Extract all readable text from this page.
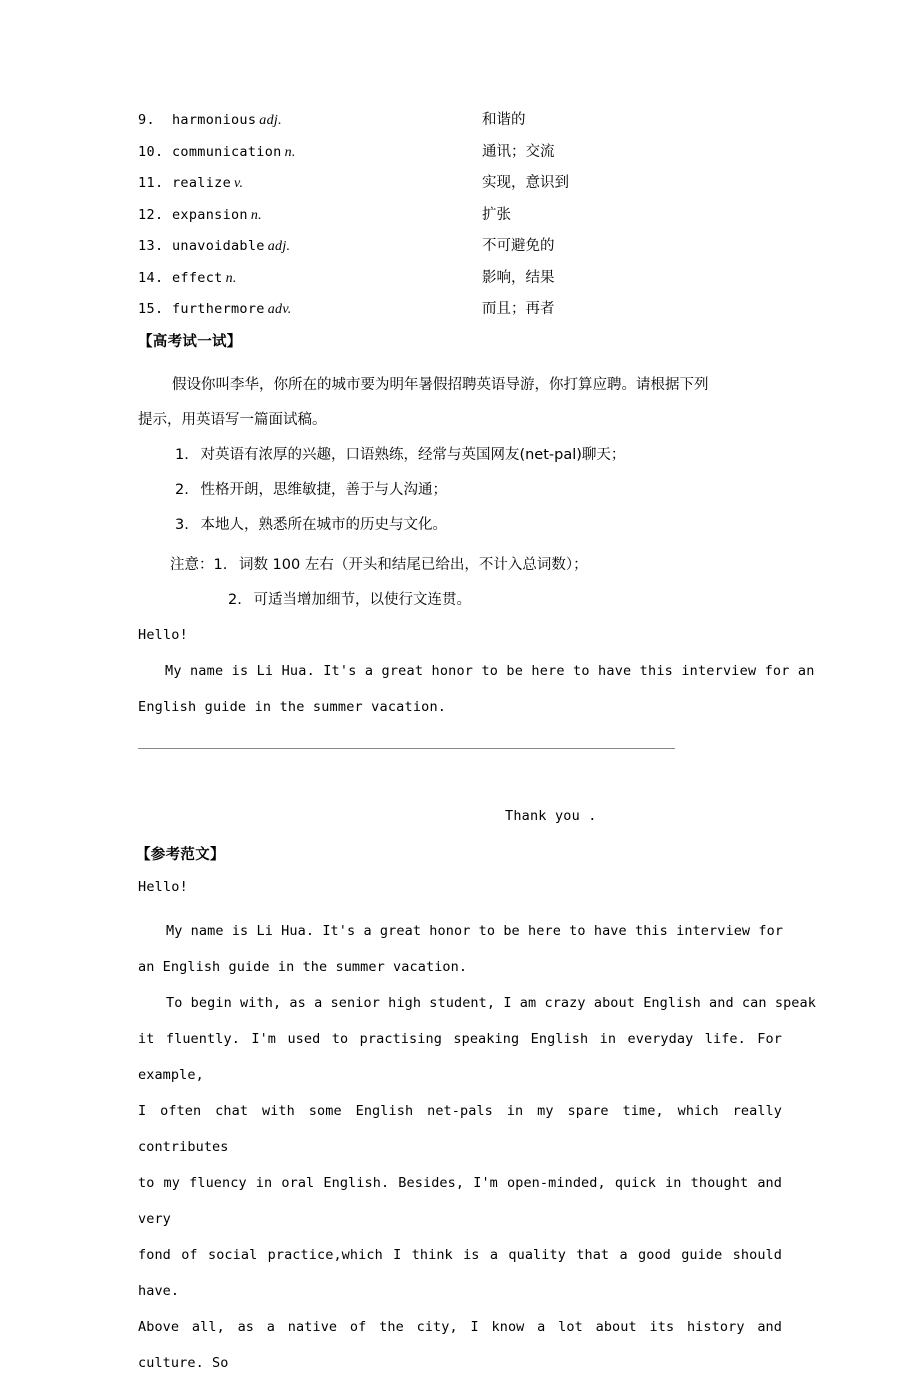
9.	harmonious adj.	和谐的
10. communication n.	通讯；交流
11. realize v.	实现，意识到
12. expansion n.	扩张
13. unavoidable adj.	不可避免的
14. effect n.	影响，结果
15. furthermore adv.	而且；再者
【高考试一试】
假设你叫李华，你所在的城市要为明年暑假招聘英语导游，你打算应聘。请根据下列
提示，用英语写一篇面试稿。
1. 对英语有浓厚的兴趣，口语熟练，经常与英国网友(net-pal)聊天；
2. 性格开朗，思维敏捷，善于与人沟通；
3. 本地人，熟悉所在城市的历史与文化。
注意：1. 词数 100 左右（开头和结尾已给出，不计入总词数）；
2. 可适当增加细节，以使行文连贯。
Hello!
My name is Li Hua. It's a great honor to be here to have this interview for an
English guide in the summer vacation.
Thank you .
【参考范文】
Hello!
My name is Li Hua. It's a great honor to be here to have this interview for
an English guide in the summer vacation.
To begin with, as a senior high student, I am crazy about English and can speak
it fluently. I'm used to practising speaking English in everyday life. For example,
I often chat with some English net-pals in my spare time, which really contributes
to my fluency in oral English. Besides, I'm open-minded, quick in thought and very
fond of social practice,which I think is a quality that a good guide should have.
Above all, as a native of the city, I know a lot about its history and culture. So
